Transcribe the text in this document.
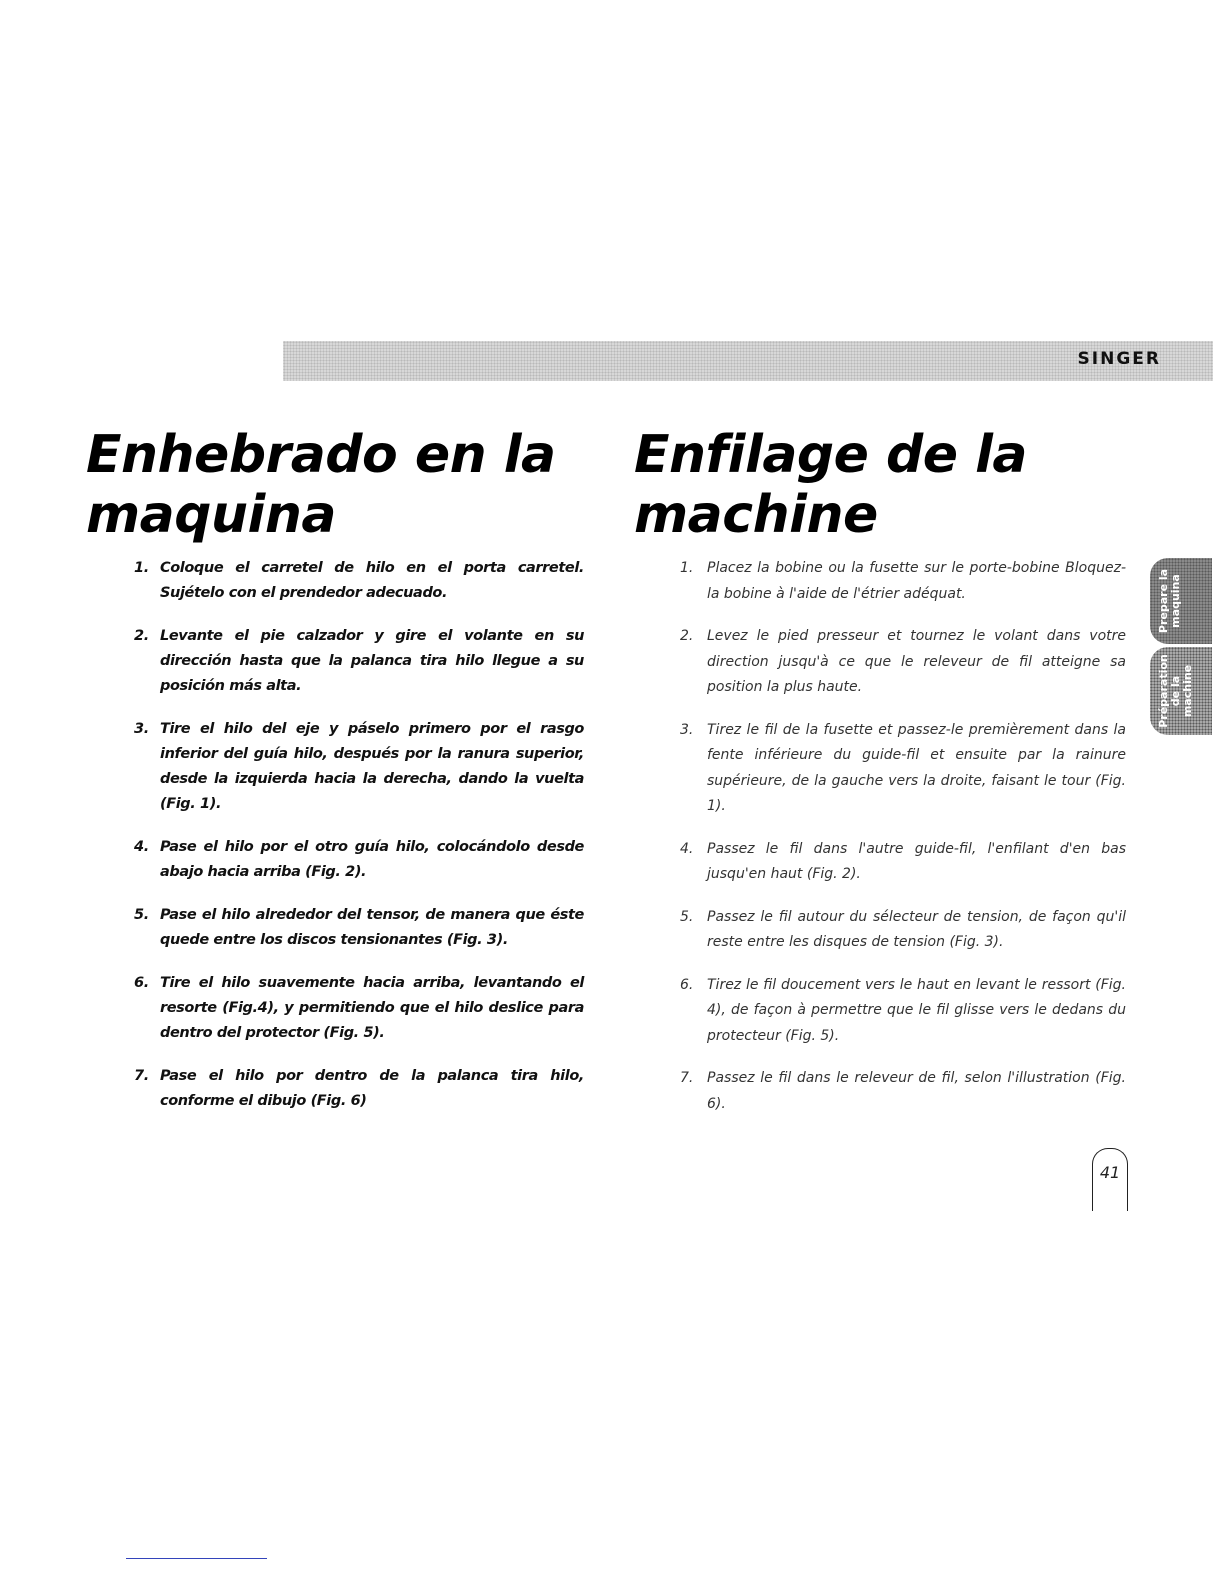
SINGER
Enhebrado en la maquina
Enfilage de la machine
1. Coloque el carretel de hilo en el porta carretel. Sujételo con el prendedor adecuado.
2. Levante el pie calzador y gire el volante en su dirección hasta que la palanca tira hilo llegue a su posición más alta.
3. Tire el hilo del eje y páselo primero por el rasgo inferior del guía hilo, después por la ranura superior, desde la izquierda hacia la derecha, dando la vuelta (Fig. 1).
4. Pase el hilo por el otro guía hilo, colocándolo desde abajo hacia arriba (Fig. 2).
5. Pase el hilo alrededor del tensor, de manera que éste quede entre los discos tensionantes (Fig. 3).
6. Tire el hilo suavemente hacia arriba, levantando el resorte (Fig.4), y permitiendo que el hilo deslice para dentro del protector (Fig. 5).
7. Pase el hilo por dentro de la palanca tira hilo, conforme el dibujo (Fig. 6)
1. Placez la bobine ou la fusette sur le porte-bobine Bloquez-la bobine à l'aide de l'étrier adéquat.
2. Levez le pied presseur et tournez le volant dans votre direction jusqu'à ce que le releveur de fil atteigne sa position la plus haute.
3. Tirez le fil de la fusette et passez-le premièrement dans la fente inférieure du guide-fil et ensuite par la rainure supérieure, de la gauche vers la droite, faisant le tour (Fig. 1).
4. Passez le fil dans l'autre guide-fil, l'enfilant d'en bas jusqu'en haut (Fig. 2).
5. Passez le fil autour du sélecteur de tension, de façon qu'il reste entre les disques de tension (Fig. 3).
6. Tirez le fil doucement vers le haut en levant le ressort (Fig. 4), de façon à permettre que le fil glisse vers le dedans du protecteur (Fig. 5).
7. Passez le fil dans le releveur de fil, selon l'illustration (Fig. 6).
Prepare la maquina
Préparation de la machine
41
